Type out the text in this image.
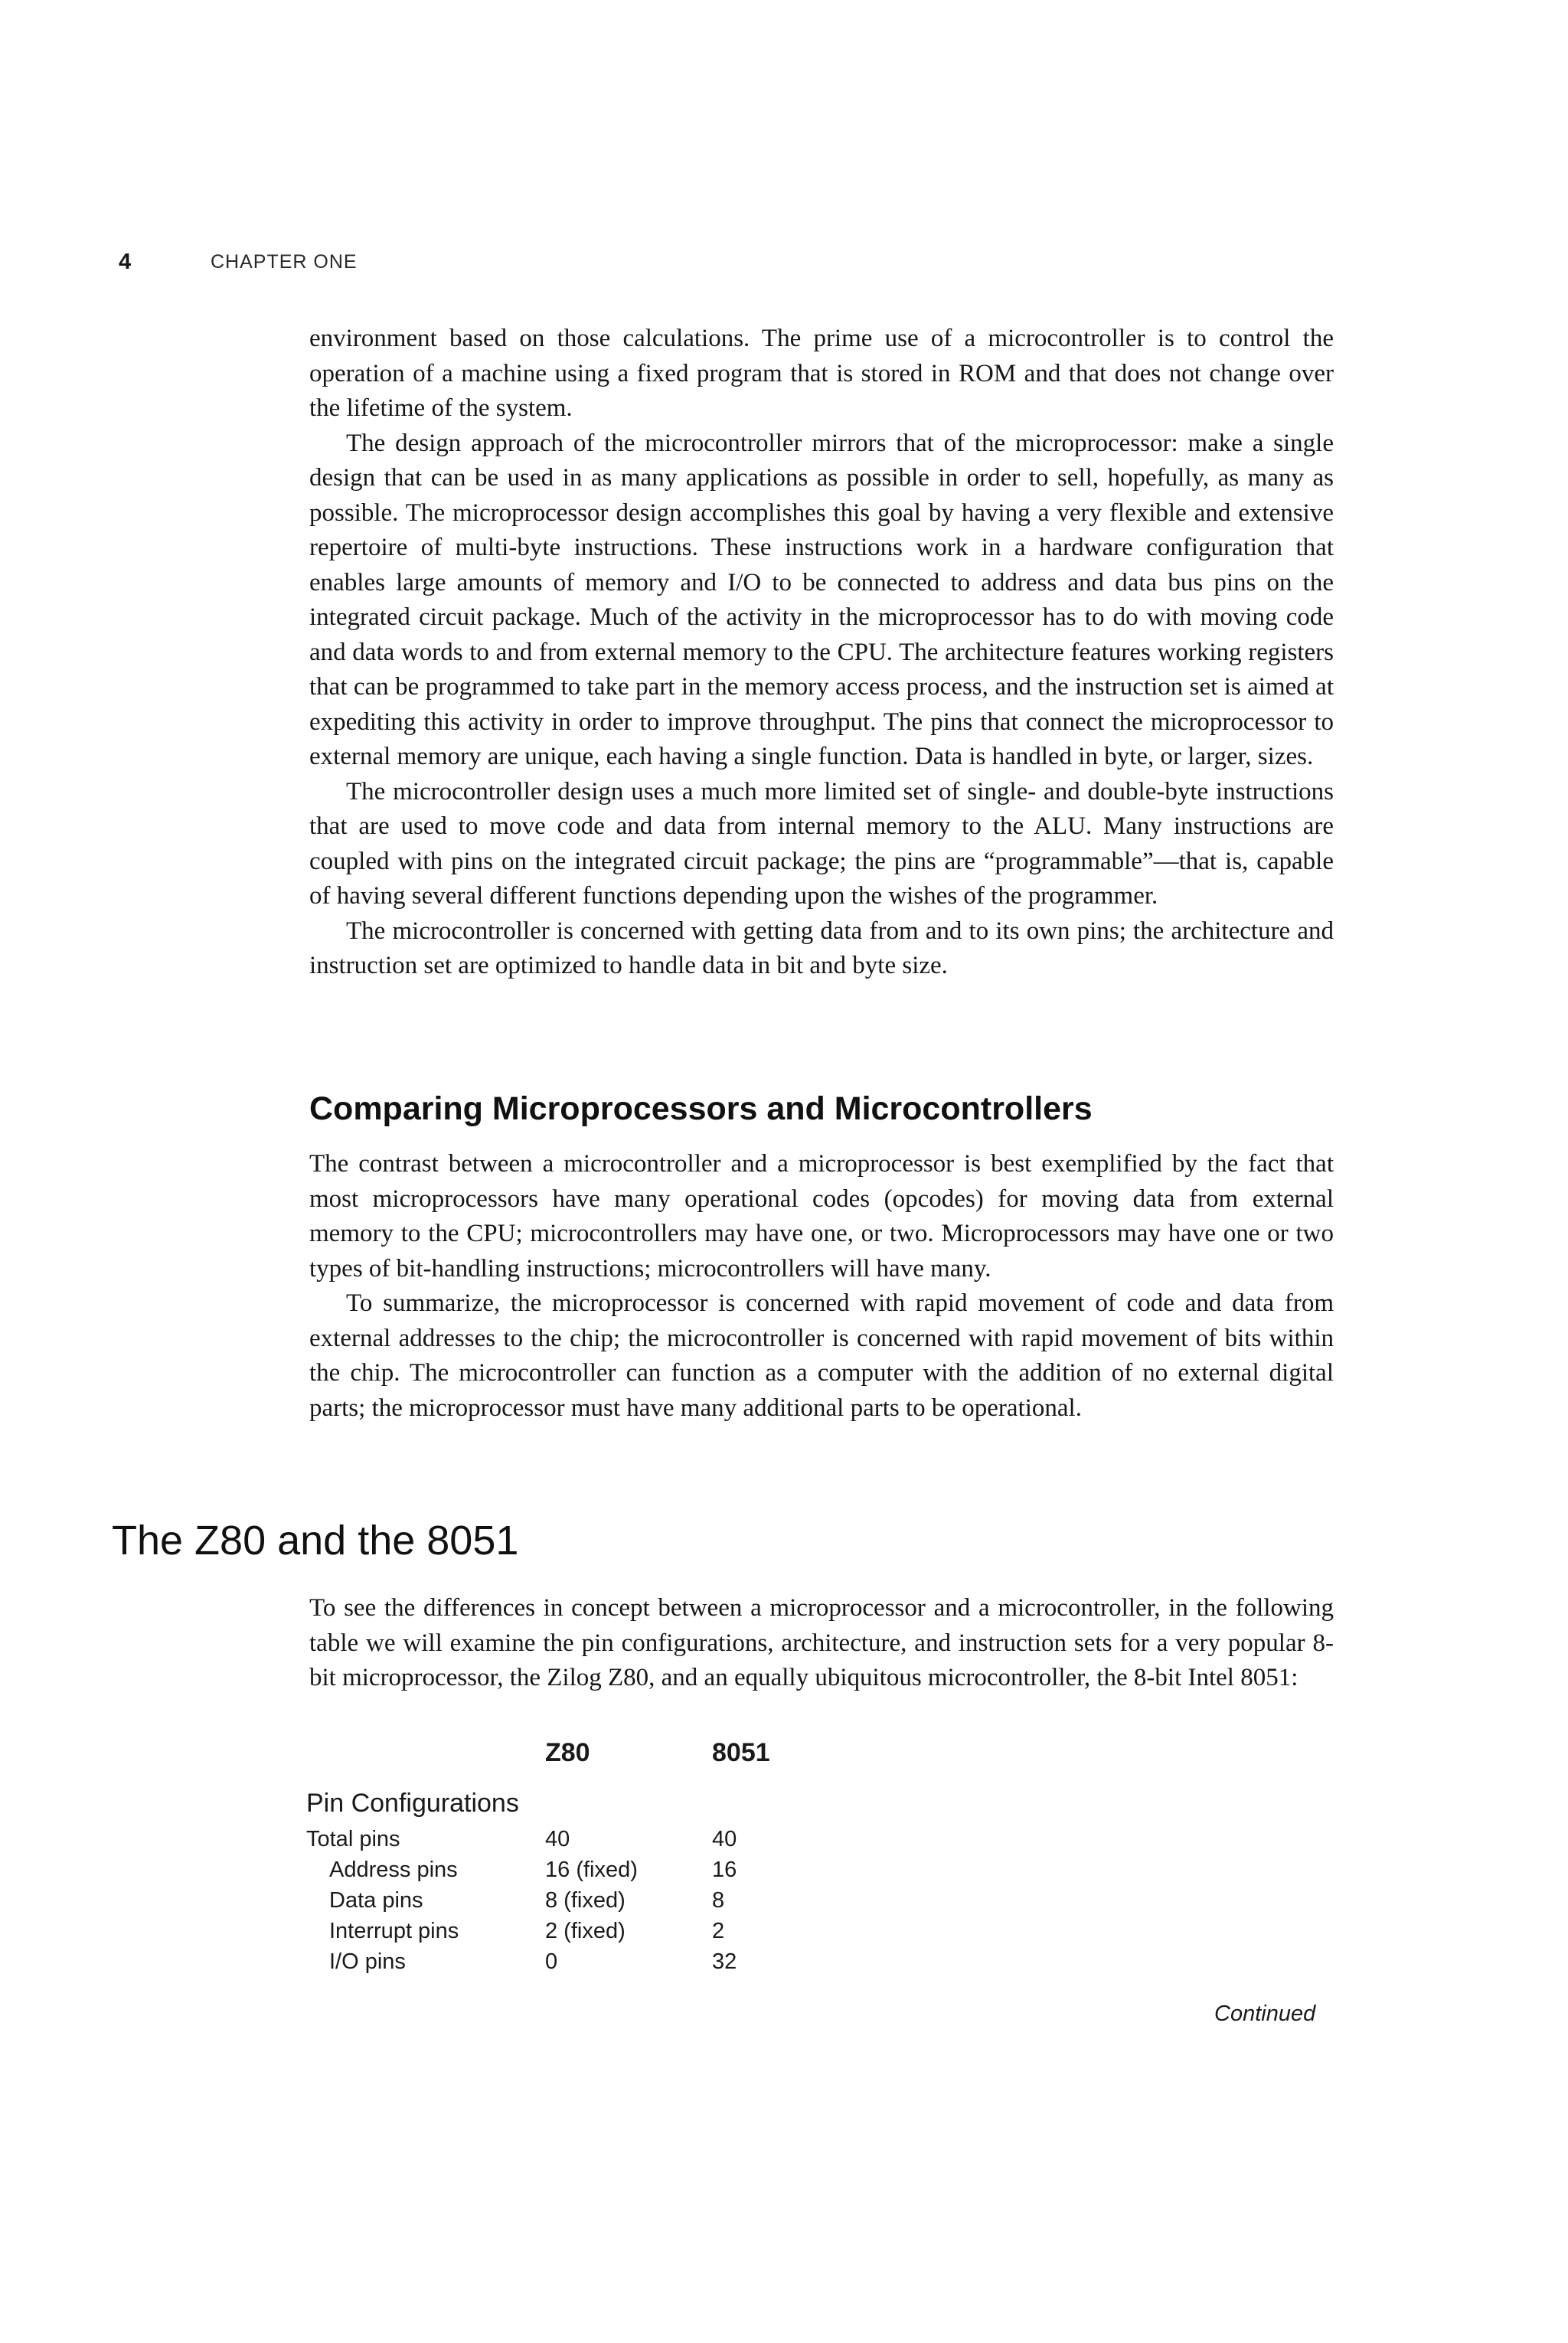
4	CHAPTER ONE

environment based on those calculations. The prime use of a microcontroller is to control the operation of a machine using a fixed program that is stored in ROM and that does not change over the lifetime of the system.

The design approach of the microcontroller mirrors that of the microprocessor: make a single design that can be used in as many applications as possible in order to sell, hopefully, as many as possible. The microprocessor design accomplishes this goal by having a very flexible and extensive repertoire of multi-byte instructions. These instructions work in a hardware configuration that enables large amounts of memory and I/O to be connected to address and data bus pins on the integrated circuit package. Much of the activity in the microprocessor has to do with moving code and data words to and from external memory to the CPU. The architecture features working registers that can be programmed to take part in the memory access process, and the instruction set is aimed at expediting this activity in order to improve throughput. The pins that connect the microprocessor to external memory are unique, each having a single function. Data is handled in byte, or larger, sizes.

The microcontroller design uses a much more limited set of single- and double-byte instructions that are used to move code and data from internal memory to the ALU. Many instructions are coupled with pins on the integrated circuit package; the pins are “programmable”—that is, capable of having several different functions depending upon the wishes of the programmer.

The microcontroller is concerned with getting data from and to its own pins; the architecture and instruction set are optimized to handle data in bit and byte size.

Comparing Microprocessors and Microcontrollers

The contrast between a microcontroller and a microprocessor is best exemplified by the fact that most microprocessors have many operational codes (opcodes) for moving data from external memory to the CPU; microcontrollers may have one, or two. Microprocessors may have one or two types of bit-handling instructions; microcontrollers will have many.

To summarize, the microprocessor is concerned with rapid movement of code and data from external addresses to the chip; the microcontroller is concerned with rapid movement of bits within the chip. The microcontroller can function as a computer with the addition of no external digital parts; the microprocessor must have many additional parts to be operational.

The Z80 and the 8051

To see the differences in concept between a microprocessor and a microcontroller, in the following table we will examine the pin configurations, architecture, and instruction sets for a very popular 8-bit microprocessor, the Zilog Z80, and an equally ubiquitous microcontroller, the 8-bit Intel 8051:

Z80	8051
Pin Configurations
Total pins	40	40
Address pins	16 (fixed)	16
Data pins	8 (fixed)	8
Interrupt pins	2 (fixed)	2
I/O pins	0	32
Continued
